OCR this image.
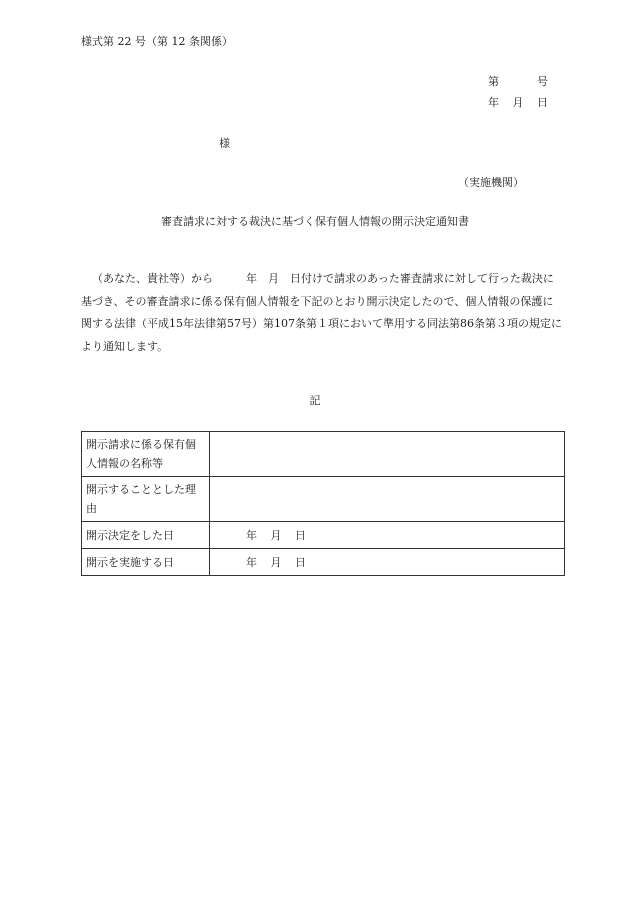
様式第 22 号（第 12 条関係）
第	号
年 月 日
様
（実施機関）
審査請求に対する裁決に基づく保有個人情報の開示決定通知書
（あなた、貴社等）から　　　年　月　日付けで請求のあった審査請求に対して行った裁決に基づき、その審査請求に係る保有個人情報を下記のとおり開示決定したので、個人情報の保護に関する法律（平成15年法律第57号）第107条第１項において準用する同法第86条第３項の規定により通知します。
記
開示請求に係る保有個人情報の名称等	
開示することとした理由	
開示決定をした日	年 月 日

開示を実施する日	年 月 日
